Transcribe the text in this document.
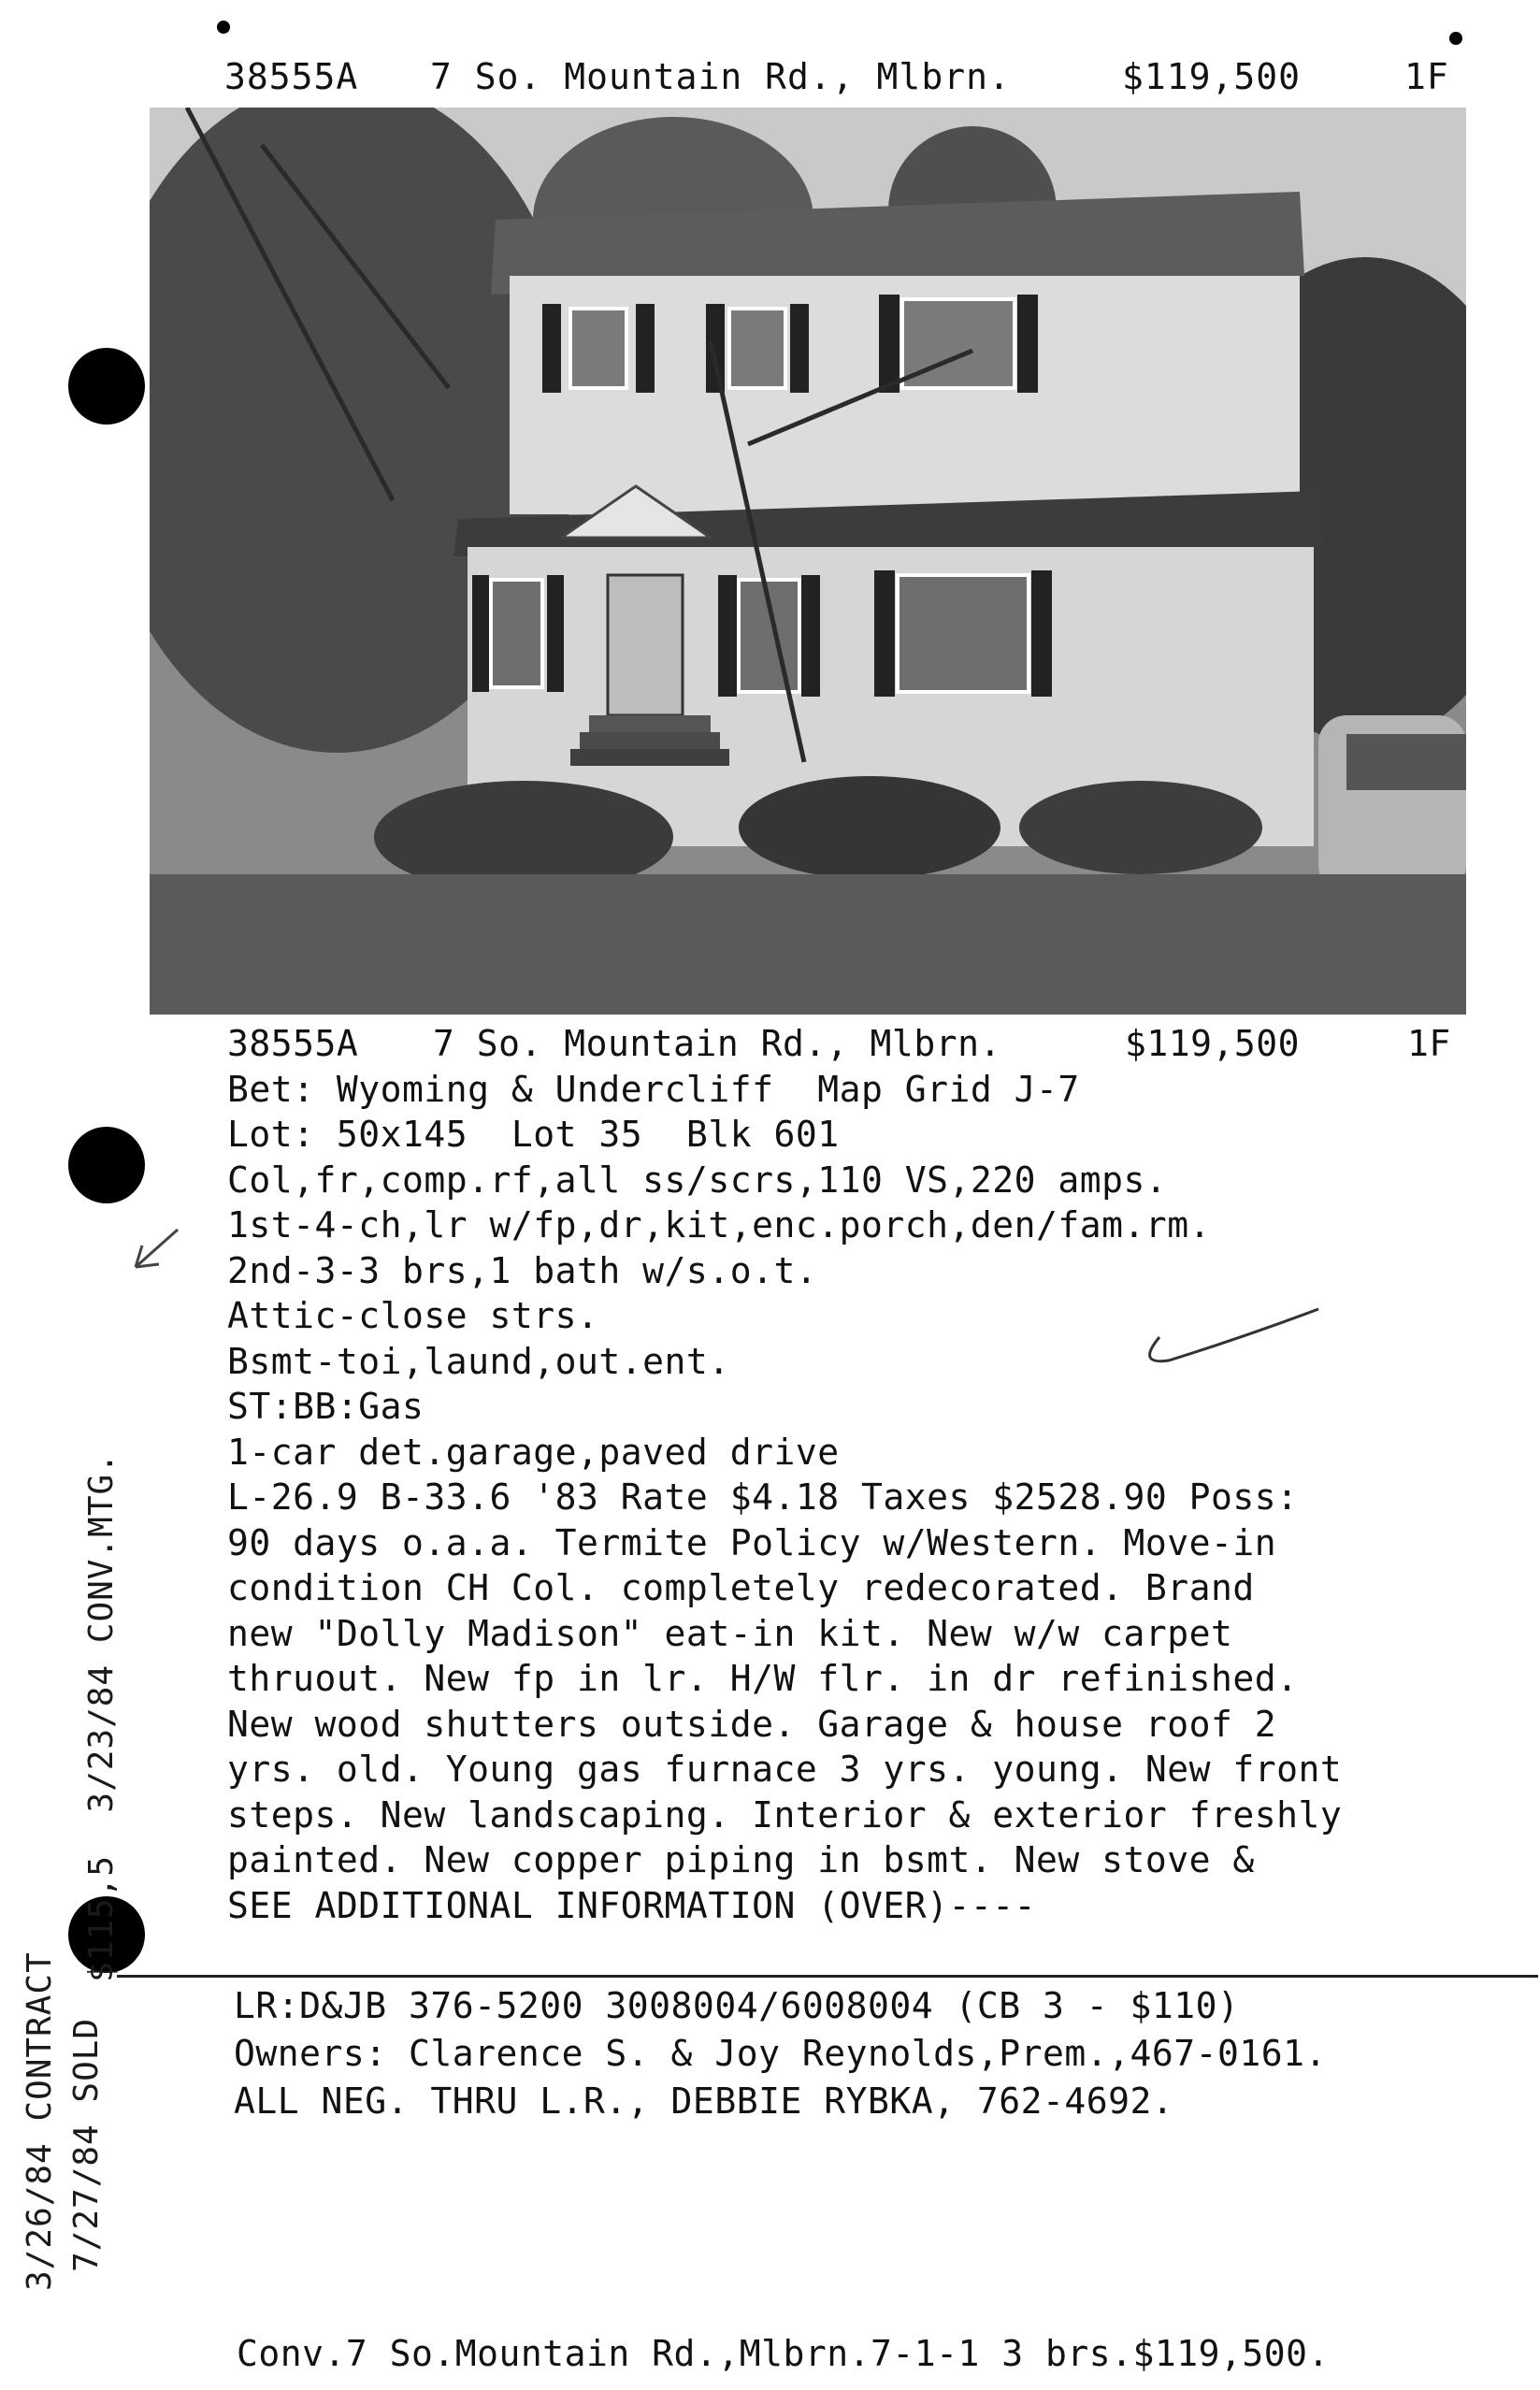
38555A

7 So. Mountain Rd., Mlbrn.

	$119,500

	1F

38555A 7 So. Mountain Rd., Mlbrn.	$119,500	1F
Bet: Wyoming & Undercliff  Map Grid J-7
Lot: 50x145  Lot 35  Blk 601
Col,fr,comp.rf,all ss/scrs,110 VS,220 amps.
1st-4-ch,lr w/fp,dr,kit,enc.porch,den/fam.rm.
2nd-3-3 brs,1 bath w/s.o.t.
Attic-close strs.
Bsmt-toi,laund,out.ent.
ST:BB:Gas
1-car det.garage,paved drive
L-26.9 B-33.6 '83 Rate $4.18 Taxes $2528.90 Poss:
90 days o.a.a. Termite Policy w/Western. Move-in
condition CH Col. completely redecorated. Brand
new "Dolly Madison" eat-in kit. New w/w carpet
thruout. New fp in lr. H/W flr. in dr refinished.
New wood shutters outside. Garage & house roof 2
yrs. old. Young gas furnace 3 yrs. young. New front
steps. New landscaping. Interior & exterior freshly
painted. New copper piping in bsmt. New stove &
SEE ADDITIONAL INFORMATION (OVER)----
LR:D&JB 376-5200 3008004/6008004 (CB 3 - $110)
Owners: Clarence S. & Joy Reynolds,Prem.,467-0161.
ALL NEG. THRU L.R., DEBBIE RYBKA, 762-4692.
$115,5  3/23/84 CONV.MTG.
3/26/84 CONTRACT 7/27/84 SOLD
Conv.7 So.Mountain Rd.,Mlbrn.7-1-1 3 brs.$119,500.
